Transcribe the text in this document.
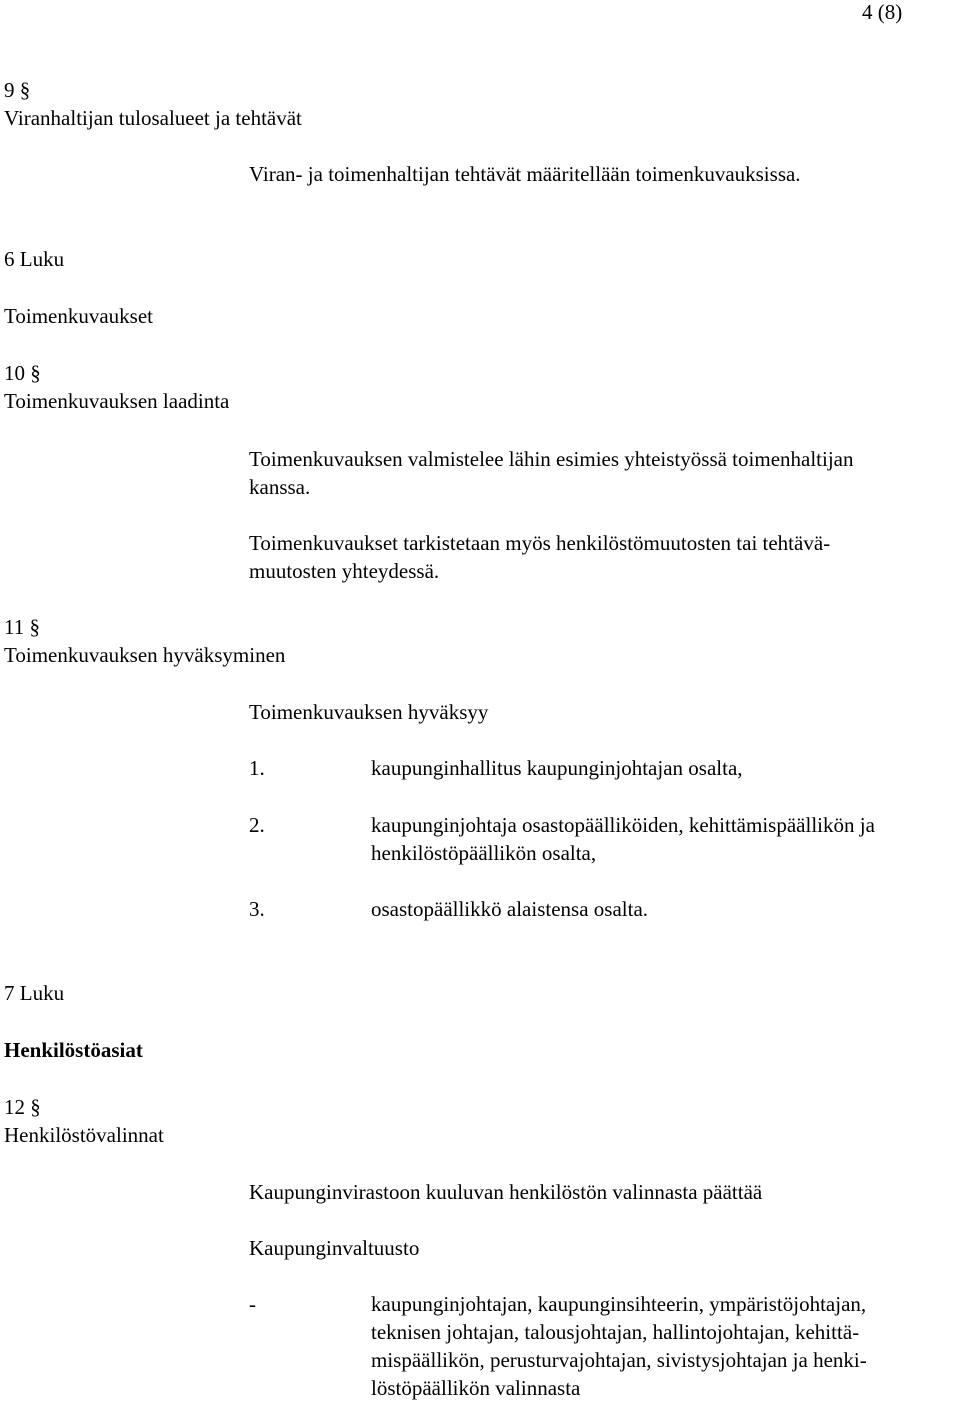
4 (8)
9 §
Viranhaltijan tulosalueet ja tehtävät
Viran- ja toimenhaltijan tehtävät määritellään toimenkuvauksissa.
6 Luku
Toimenkuvaukset
10 §
Toimenkuvauksen laadinta
Toimenkuvauksen valmistelee lähin esimies yhteistyössä toimenhaltijan
kanssa.
Toimenkuvaukset tarkistetaan myös henkilöstömuutosten tai tehtävä-
muutosten yhteydessä.
11 §
Toimenkuvauksen hyväksyminen
Toimenkuvauksen hyväksyy
1.	kaupunginhallitus kaupunginjohtajan osalta,
2.	kaupunginjohtaja osastopäälliköiden, kehittämispäällikön ja
henkilöstöpäällikön osalta,
3.	osastopäällikkö alaistensa osalta.
7 Luku
Henkilöstöasiat
12 §
Henkilöstövalinnat
Kaupunginvirastoon kuuluvan henkilöstön valinnasta päättää
Kaupunginvaltuusto
-	kaupunginjohtajan, kaupunginsihteerin, ympäristöjohtajan,
teknisen johtajan, talousjohtajan, hallintojohtajan, kehittä-
mispäällikön, perusturvajohtajan, sivistysjohtajan ja henki-
löstöpäällikön valinnasta
